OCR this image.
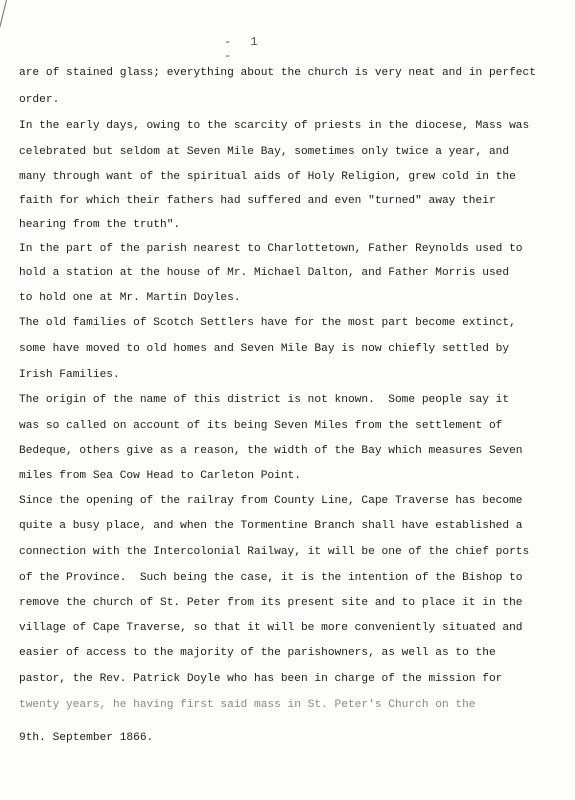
- 1 -
are of stained glass; everything about the church is very neat and in perfect
order.
In the early days, owing to the scarcity of priests in the diocese, Mass was
celebrated but seldom at Seven Mile Bay, sometimes only twice a year, and
many through want of the spiritual aids of Holy Religion, grew cold in the
faith for which their fathers had suffered and even "turned" away their
hearing from the truth".
In the part of the parish nearest to Charlottetown, Father Reynolds used to
hold a station at the house of Mr. Michael Dalton, and Father Morris used
to hold one at Mr. Martin Doyles.
The old families of Scotch Settlers have for the most part become extinct,
some have moved to old homes and Seven Mile Bay is now chiefly settled by
Irish Families.
The origin of the name of this district is not known.  Some people say it
was so called on account of its being Seven Miles from the settlement of
Bedeque, others give as a reason, the width of the Bay which measures Seven
miles from Sea Cow Head to Carleton Point.
Since the opening of the railray from County Line, Cape Traverse has become
quite a busy place, and when the Tormentine Branch shall have established a
connection with the Intercolonial Railway, it will be one of the chief ports
of the Province.  Such being the case, it is the intention of the Bishop to
remove the church of St. Peter from its present site and to place it in the
village of Cape Traverse, so that it will be more conveniently situated and
easier of access to the majority of the parishowners, as well as to the
pastor, the Rev. Patrick Doyle who has been in charge of the mission for
twenty years, he having first said mass in St. Peter's Church on the
9th. September 1866.
